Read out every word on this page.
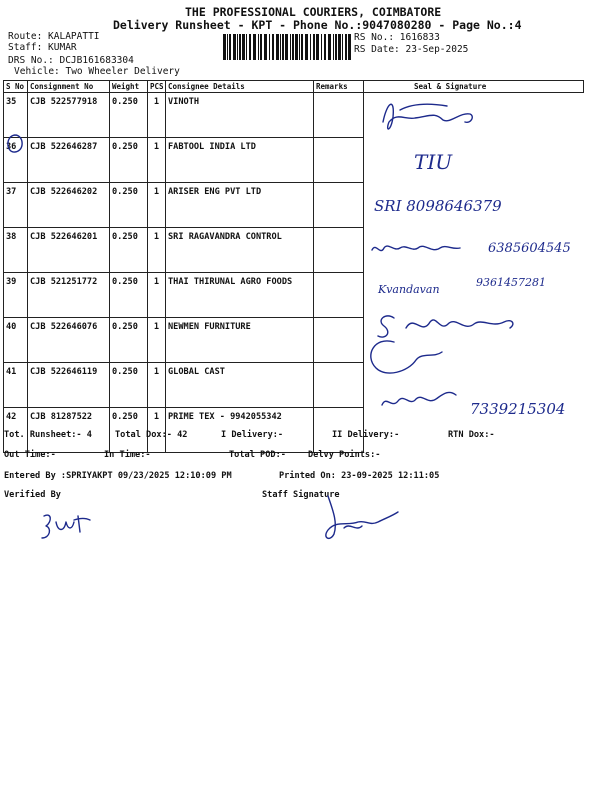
THE PROFESSIONAL COURIERS, COIMBATORE
Delivery Runsheet - KPT - Phone No.:9047080280 - Page No.:4
Route: KALAPATTI
Staff: KUMAR
DRS No.: DCJB161683304
Vehicle: Two Wheeler Delivery
RS No.: 1616833
RS Date: 23-Sep-2025
S No	Consignment No	Weight	PCS	Consignee Details	Remarks	Seal & Signature
35	CJB 522577918	0.250	1	VINOTH		
36	CJB 522646287	0.250	1	FABTOOL INDIA LTD		
37	CJB 522646202	0.250	1	ARISER ENG PVT LTD		
38	CJB 522646201	0.250	1	SRI RAGAVANDRA CONTROL		
39	CJB 521251772	0.250	1	THAI THIRUNAL AGRO FOODS		
40	CJB 522646076	0.250	1	NEWMEN FURNITURE		
41	CJB 522646119	0.250	1	GLOBAL CAST		
42	CJB 81287522	0.250	1	PRIME TEX - 9942055342		
TIU
SRI 8098646379
6385604545
Kvandavan
9361457281
7339215304
Tot. Runsheet:- 4	Total Dox:- 42	I Delivery:-	II Delivery:-	RTN Dox:-
Out Time:-	In Time:-	Total POD:-	Delvy Points:-
Entered By :SPRIYAKPT 09/23/2025 12:10:09 PM	Printed On: 23-09-2025 12:11:05
Verified By	Staff Signature
